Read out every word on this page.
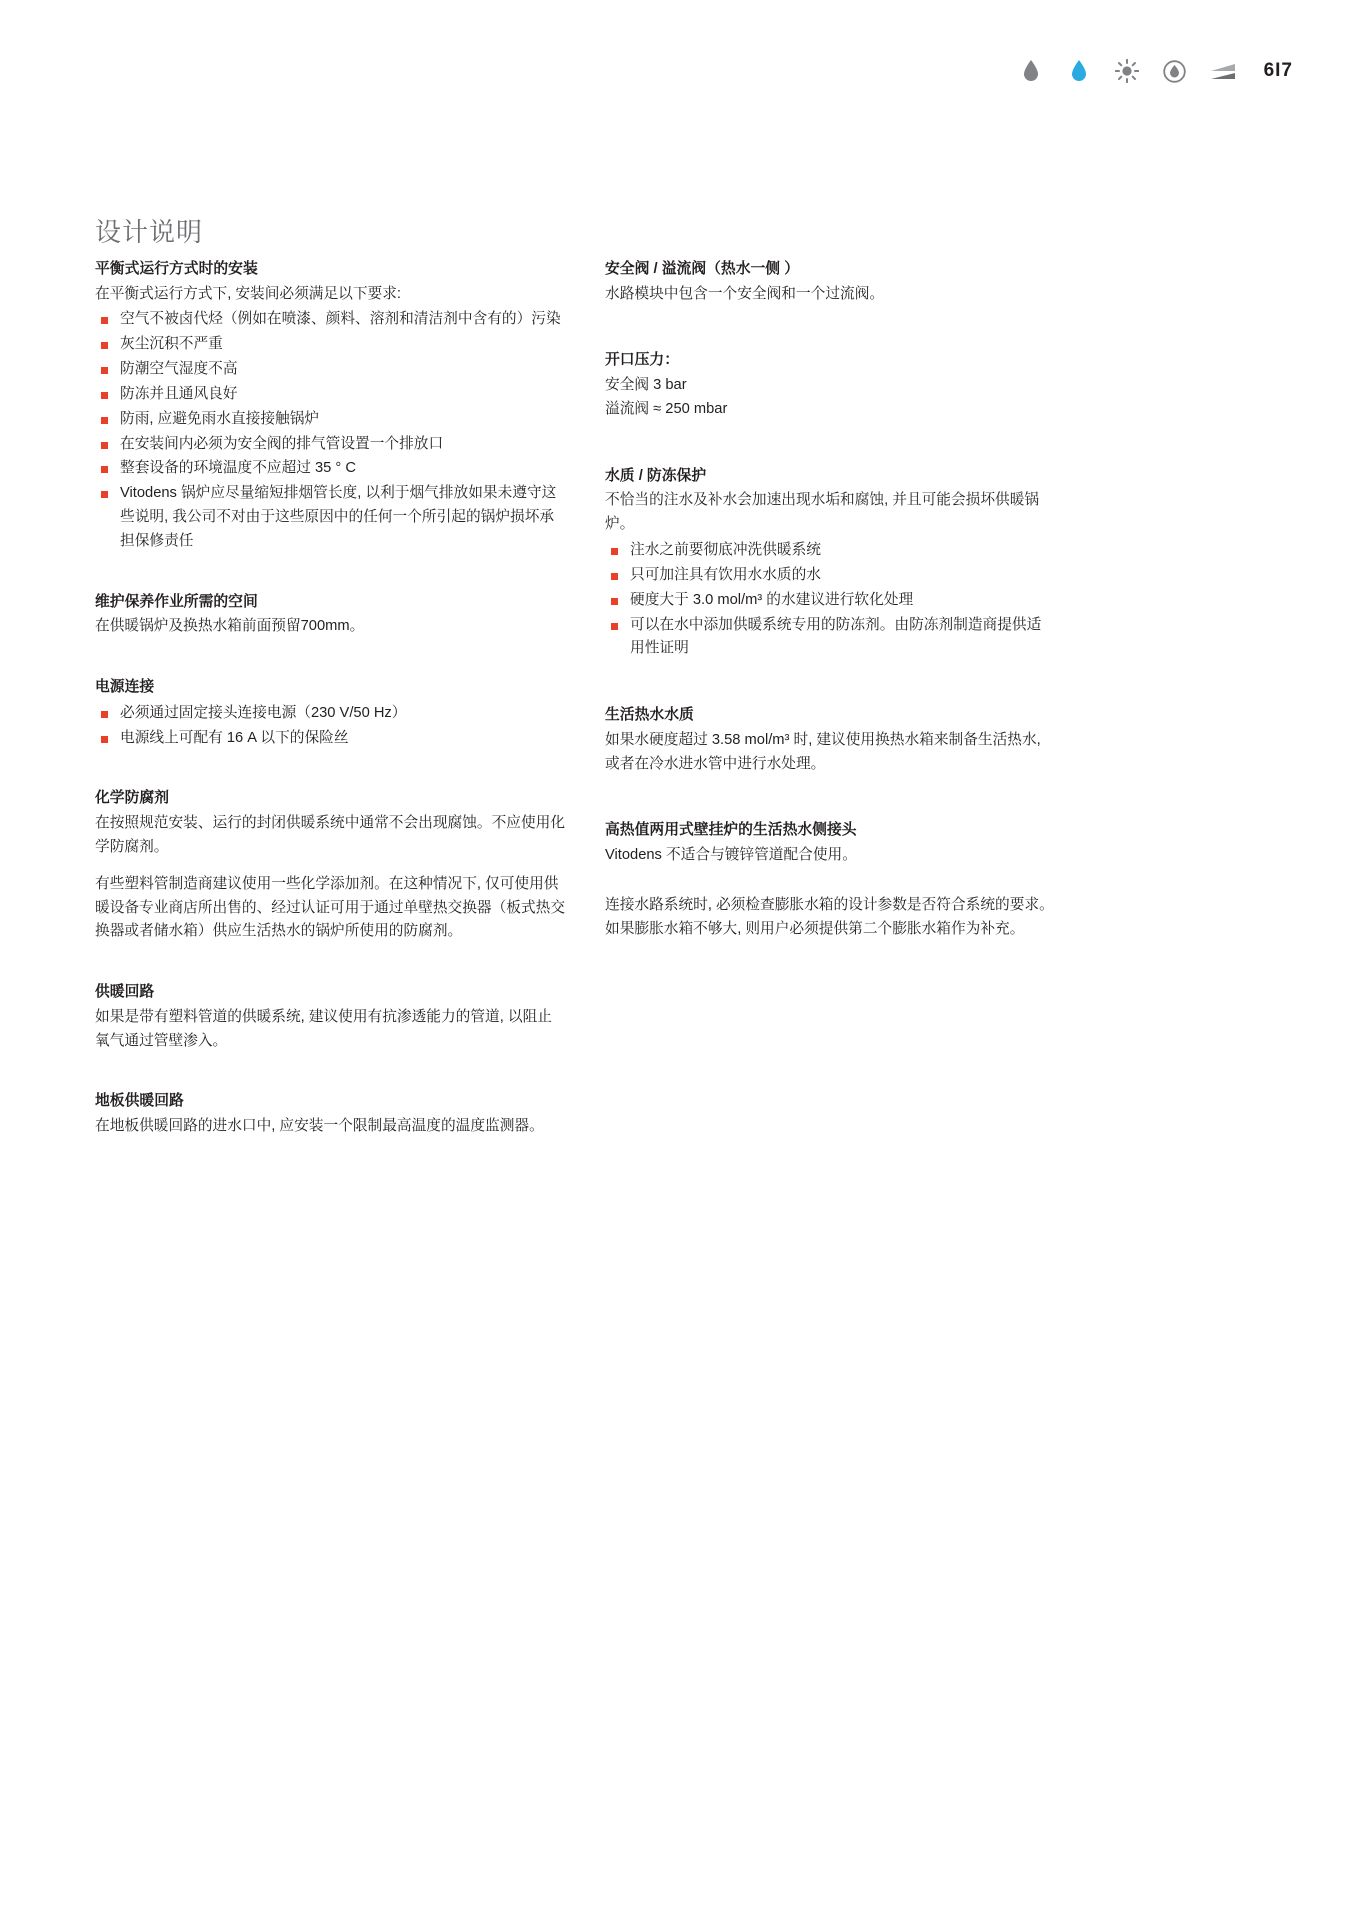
6I7
设计说明
平衡式运行方式时的安装

在平衡式运行方式下, 安装间必须满足以下要求:

空气不被卤代烃（例如在喷漆、颜料、溶剂和清洁剂中含有的）污染
灰尘沉积不严重
防潮空气湿度不高
防冻并且通风良好
防雨, 应避免雨水直接接触锅炉
在安装间内必须为安全阀的排气管设置一个排放口
整套设备的环境温度不应超过 35 ° C
Vitodens 锅炉应尽量缩短排烟管长度, 以利于烟气排放如果未遵守这些说明, 我公司不对由于这些原因中的任何一个所引起的锅炉损坏承担保修责任
维护保养作业所需的空间

在供暖锅炉及换热水箱前面预留700mm。

电源连接
必须通过固定接头连接电源（230 V/50 Hz）
电源线上可配有 16 A 以下的保险丝
化学防腐剂

在按照规范安装、运行的封闭供暖系统中通常不会出现腐蚀。不应使用化学防腐剂。

有些塑料管制造商建议使用一些化学添加剂。在这种情况下, 仅可使用供暖设备专业商店所出售的、经过认证可用于通过单壁热交换器（板式热交换器或者储水箱）供应生活热水的锅炉所使用的防腐剂。

供暖回路

如果是带有塑料管道的供暖系统, 建议使用有抗渗透能力的管道, 以阻止氧气通过管壁渗入。

地板供暖回路

在地板供暖回路的进水口中, 应安装一个限制最高温度的温度监测器。

安全阀 / 溢流阀（热水一侧 ）

水路模块中包含一个安全阀和一个过流阀。

开口压力：

安全阀 3 bar

溢流阀 ≈ 250 mbar

水质 / 防冻保护

不恰当的注水及补水会加速出现水垢和腐蚀, 并且可能会损坏供暖锅炉。

注水之前要彻底冲洗供暖系统
只可加注具有饮用水水质的水
硬度大于 3.0 mol/m³ 的水建议进行软化处理
可以在水中添加供暖系统专用的防冻剂。由防冻剂制造商提供适用性证明
生活热水水质

如果水硬度超过 3.58 mol/m³ 时, 建议使用换热水箱来制备生活热水, 或者在冷水进水管中进行水处理。

高热值两用式壁挂炉的生活热水侧接头

Vitodens 不适合与镀锌管道配合使用。

连接水路系统时, 必须检查膨胀水箱的设计参数是否符合系统的要求。如果膨胀水箱不够大, 则用户必须提供第二个膨胀水箱作为补充。
